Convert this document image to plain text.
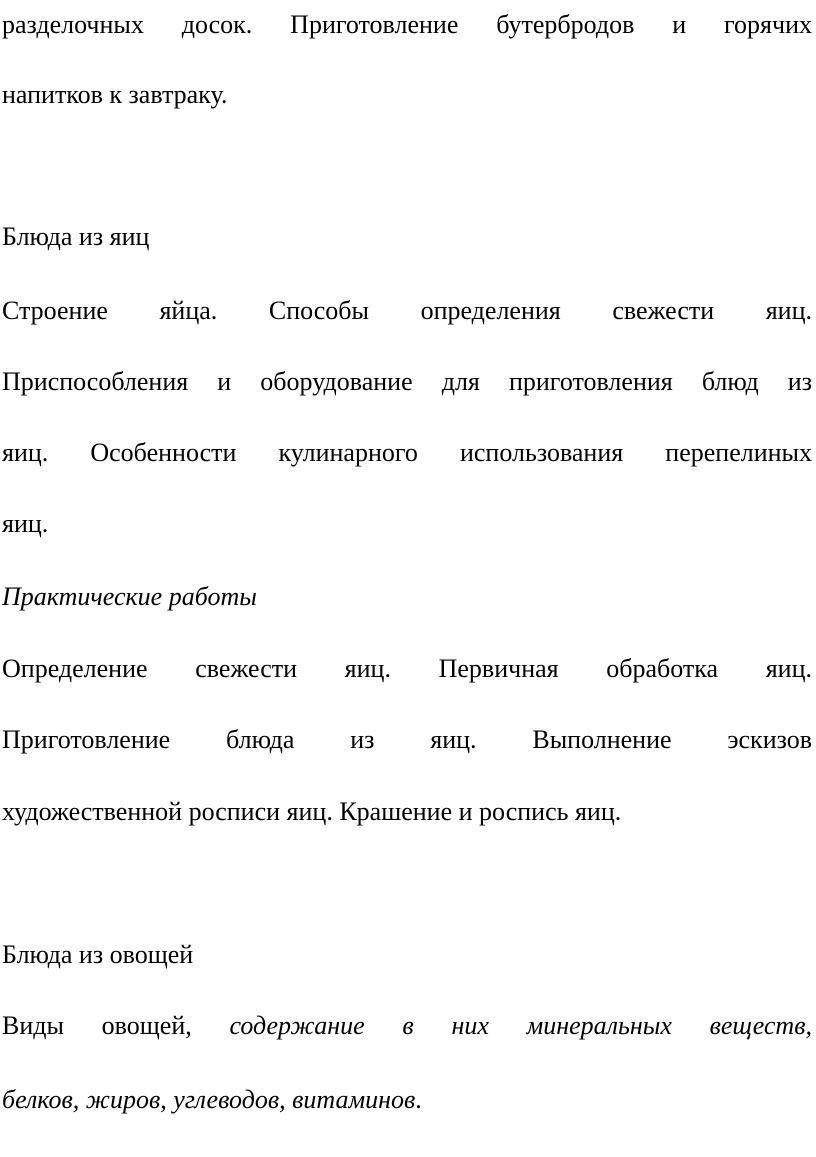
разделочных досок. Приготовление бутербродов и горячих
напитков к завтраку.
Блюда из яиц
Строение яйца. Способы определения свежести яиц.
Приспособления и оборудование для приготовления блюд из
яиц. Особенности кулинарного использования перепелиных
яиц.
Практические работы
Определение свежести яиц. Первичная обработка яиц.
Приготовление блюда из яиц. Выполнение эскизов
художественной росписи яиц. Крашение и роспись яиц.
Блюда из овощей
Виды овощей, содержание в них минеральных веществ,
белков, жиров, углеводов, витаминов.
